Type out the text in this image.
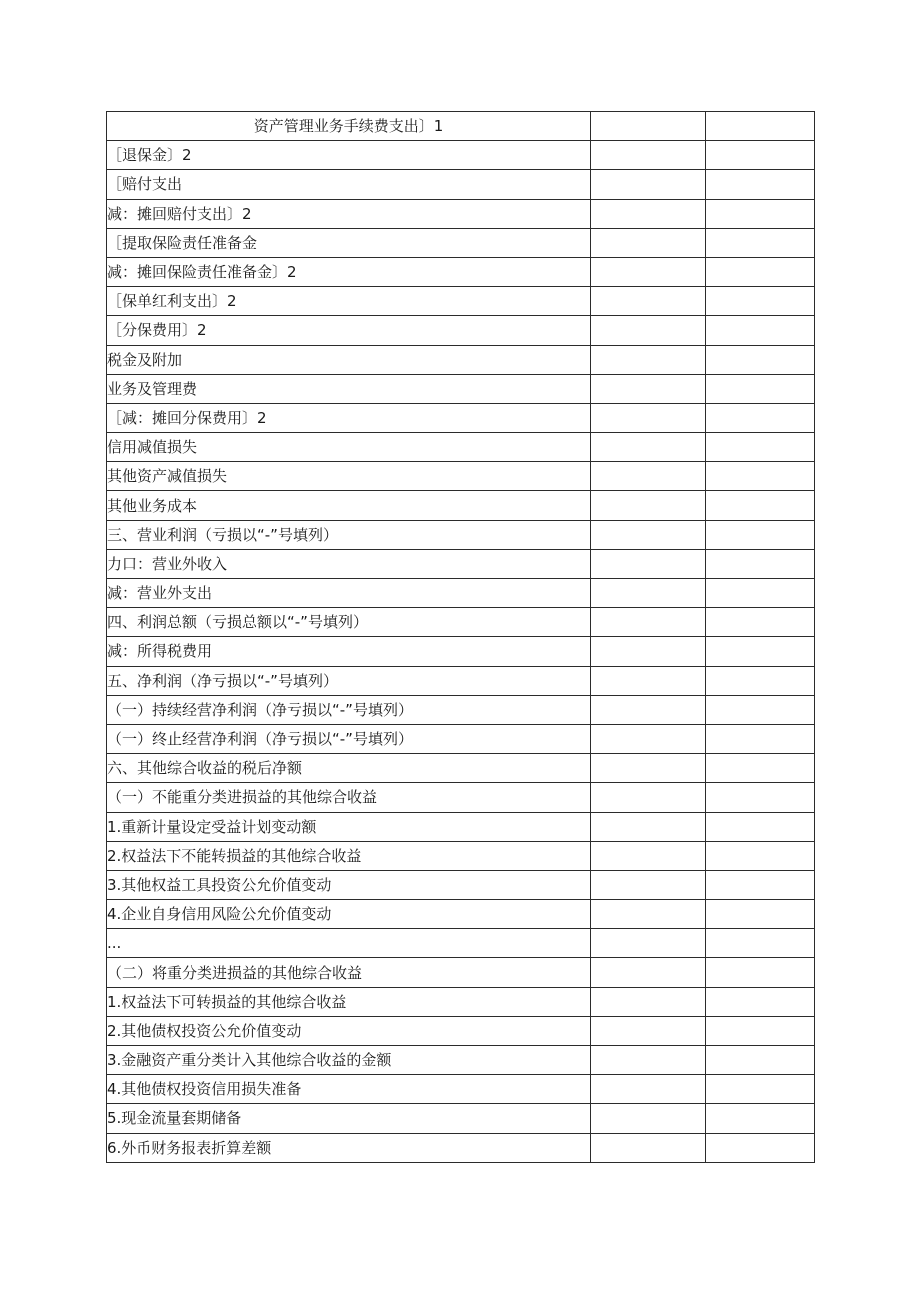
资产管理业务手续费支出〕1		

［退保金〕2		

［赔付支出		

减：摊回赔付支出〕2		

［提取保险责任准备金		

减：摊回保险责任准备金〕2		

［保单红利支出〕2		

［分保费用〕2		

税金及附加		

业务及管理费		

［减：摊回分保费用〕2		

信用减值损失		

其他资产减值损失		

其他业务成本		

三、营业利润（亏损以“-”号填列）		

力口：营业外收入		

减：营业外支出		

四、利润总额（亏损总额以“-”号填列）		

减：所得税费用		

五、净利润（净亏损以“-”号填列）		

（一）持续经营净利润（净亏损以“-”号填列）		

（一）终止经营净利润（净亏损以“-”号填列）		

六、其他综合收益的税后净额		

（一）不能重分类进损益的其他综合收益		

1.重新计量设定受益计划变动额		

2.权益法下不能转损益的其他综合收益		

3.其他权益工具投资公允价值变动		

4.企业自身信用风险公允价值变动		

...		

（二）将重分类进损益的其他综合收益		

1.权益法下可转损益的其他综合收益		

2.其他债权投资公允价值变动		

3.金融资产重分类计入其他综合收益的金额		

4.其他债权投资信用损失准备		

5.现金流量套期储备		

6.外币财务报表折算差额		
